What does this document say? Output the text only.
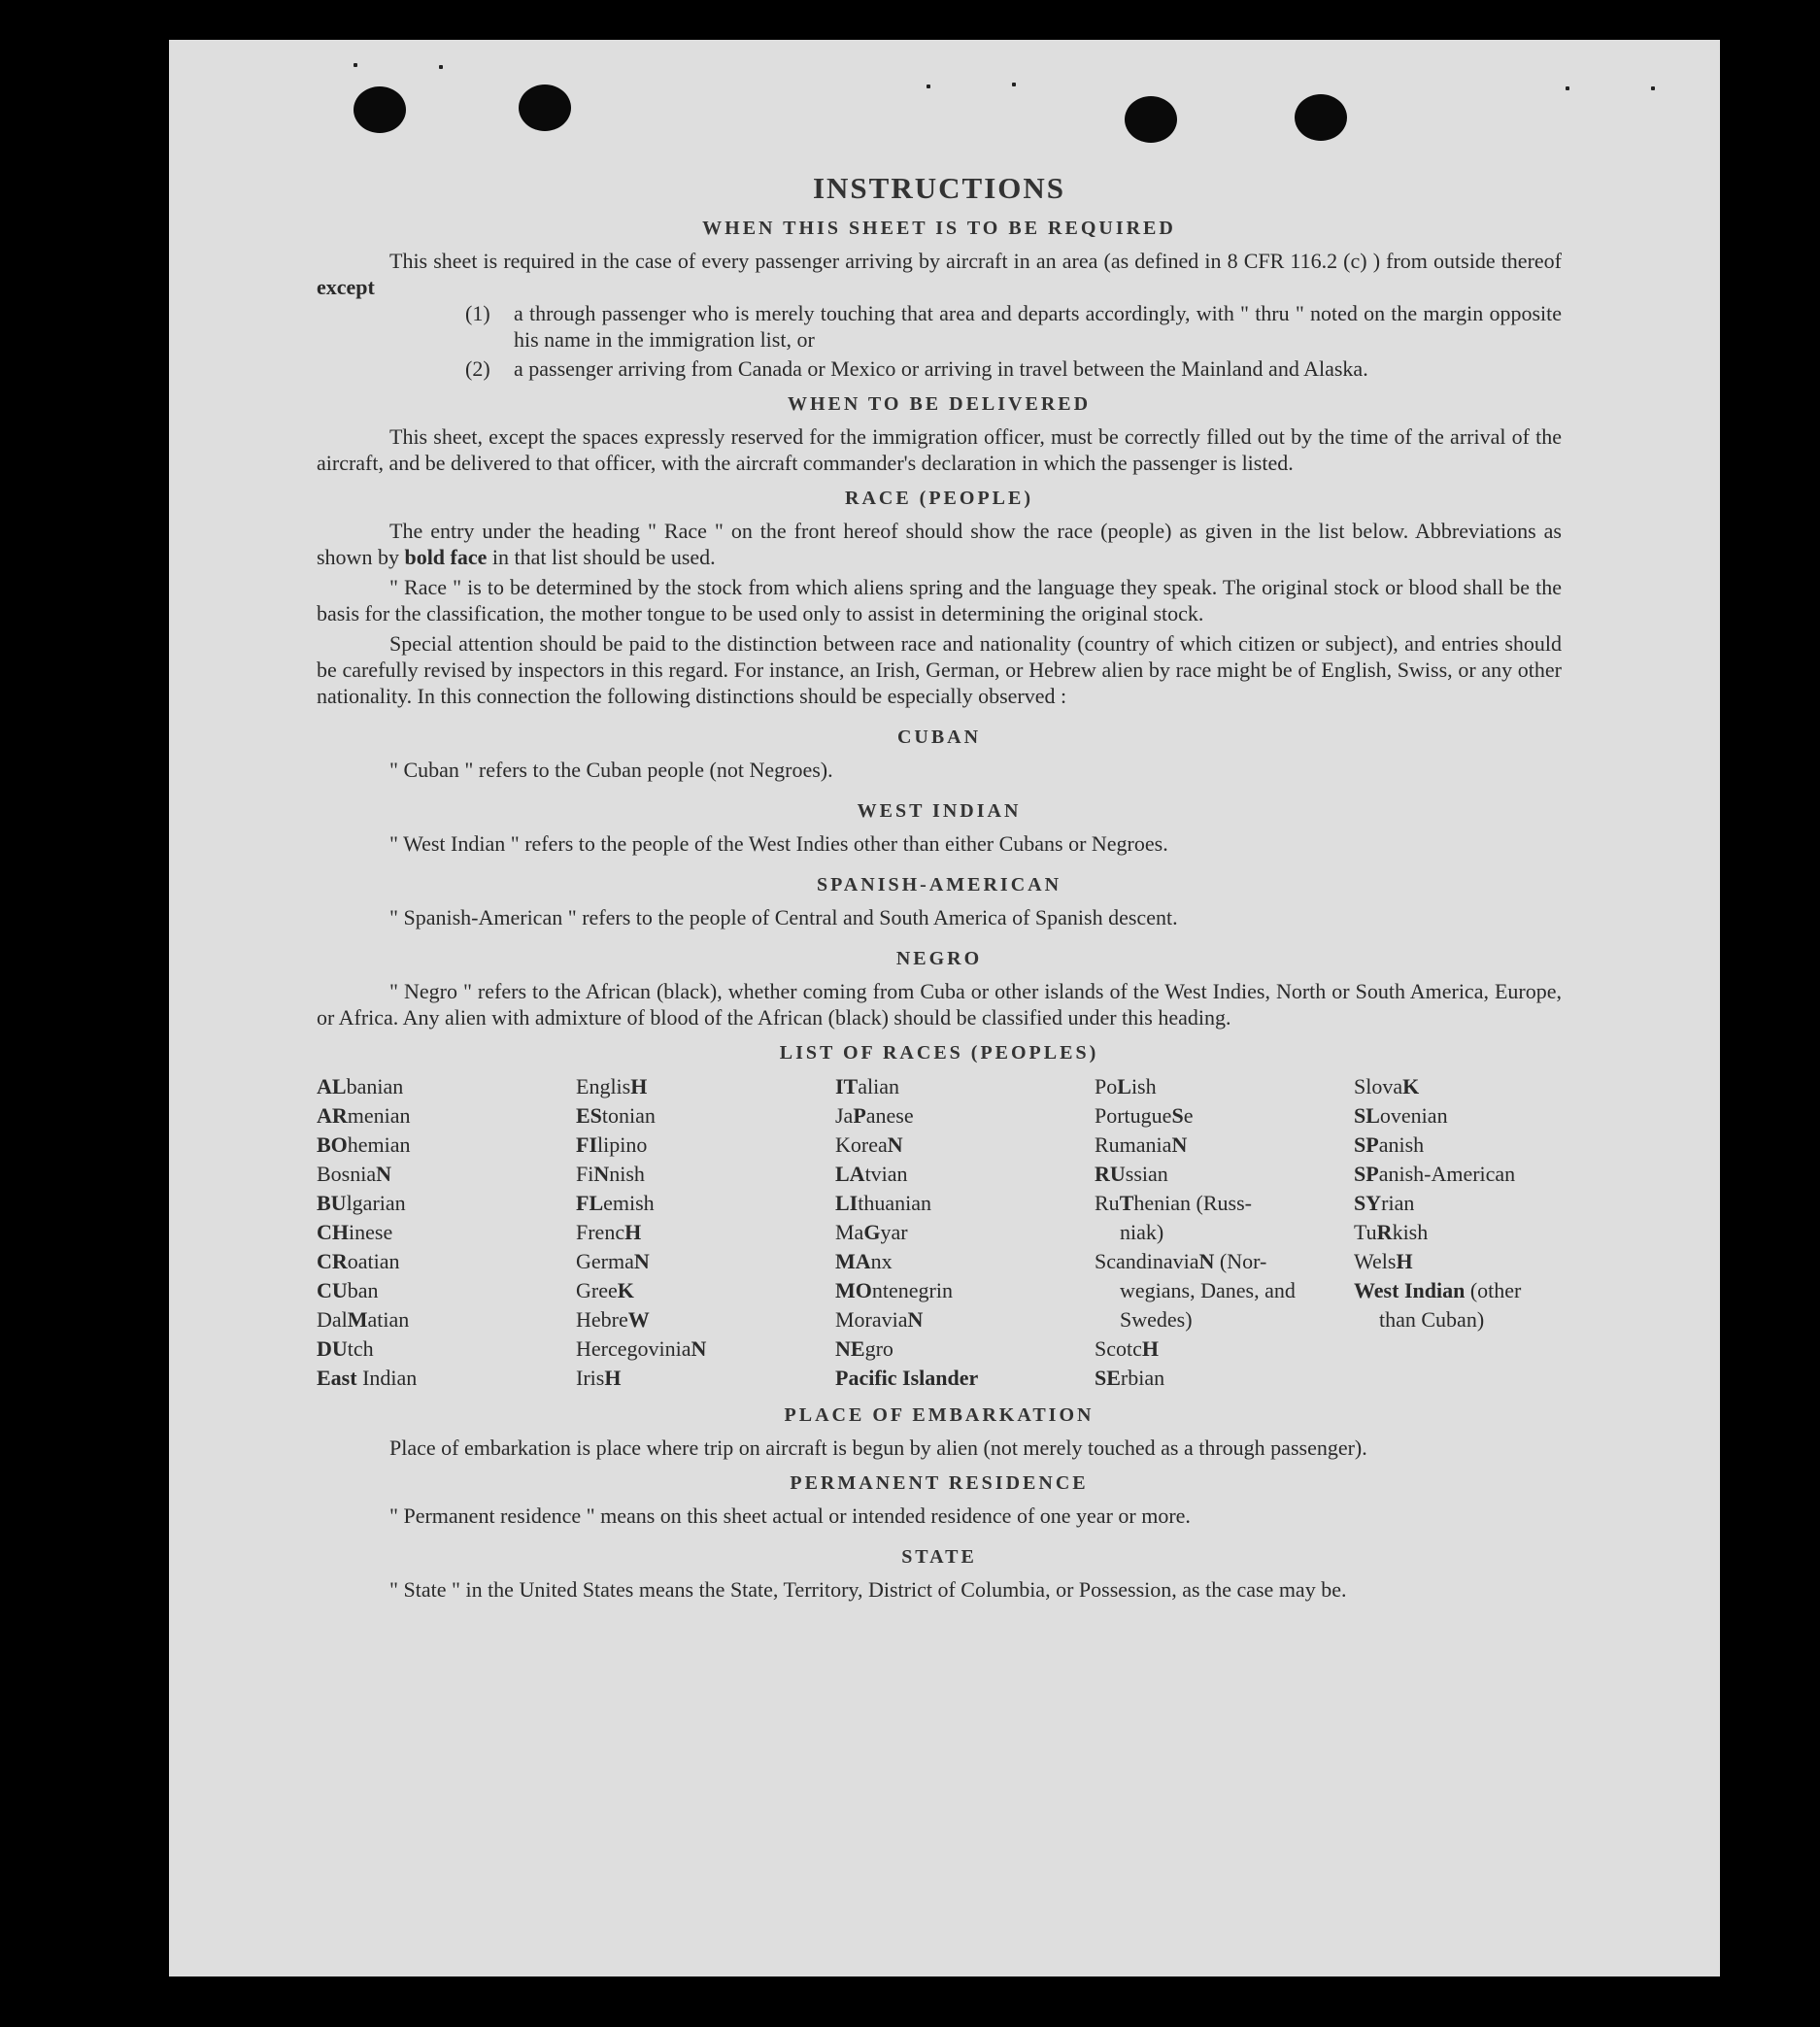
INSTRUCTIONS
WHEN THIS SHEET IS TO BE REQUIRED

This sheet is required in the case of every passenger arriving by aircraft in an area (as defined in 8 CFR 116.2 (c) ) from outside thereof except

(1)	a through passenger who is merely touching that area and departs accordingly, with " thru " noted on the margin opposite his name in the immigration list, or
(2)	a passenger arriving from Canada or Mexico or arriving in travel between the Mainland and Alaska.
WHEN TO BE DELIVERED

This sheet, except the spaces expressly reserved for the immigration officer, must be correctly filled out by the time of the arrival of the aircraft, and be delivered to that officer, with the aircraft commander's declaration in which the passenger is listed.

RACE (PEOPLE)

The entry under the heading " Race " on the front hereof should show the race (people) as given in the list below. Abbreviations as shown by bold face in that list should be used.

" Race " is to be determined by the stock from which aliens spring and the language they speak. The original stock or blood shall be the basis for the classification, the mother tongue to be used only to assist in determining the original stock.

Special attention should be paid to the distinction between race and nationality (country of which citizen or subject), and entries should be carefully revised by inspectors in this regard. For instance, an Irish, German, or Hebrew alien by race might be of English, Swiss, or any other nationality. In this connection the following distinctions should be especially observed :

CUBAN

" Cuban " refers to the Cuban people (not Negroes).

WEST INDIAN

" West Indian " refers to the people of the West Indies other than either Cubans or Negroes.

SPANISH-AMERICAN

" Spanish-American " refers to the people of Central and South America of Spanish descent.

NEGRO

" Negro " refers to the African (black), whether coming from Cuba or other islands of the West Indies, North or South America, Europe, or Africa. Any alien with admixture of blood of the African (black) should be classified under this heading.

LIST OF RACES (PEOPLES)
ALbanian
ARmenian
BOhemian
BosniaN
BUlgarian
CHinese
CRoatian
CUban
DalMatian
DUtch
East Indian
EnglisH
EStonian
FIlipino
FiNnish
FLemish
FrencH
GermaN
GreeK
HebreW
HercegoviniaN
IrisH
ITalian
JaPanese
KoreaN
LAtvian
LIthuanian
MaGyar
MAnx
MOntenegrin
MoraviaN
NEgro
Pacific Islander
PoLish
PortugueSe
RumaniaN
RUssian
RuThenian (Russ-
niak)
ScandinaviaN (Nor-
wegians, Danes, and Swedes)
ScotcH
SErbian
SlovaK
SLovenian
SPanish
SPanish-American
SYrian
TuRkish
WelsH
West Indian (other
than Cuban)
PLACE OF EMBARKATION

Place of embarkation is place where trip on aircraft is begun by alien (not merely touched as a through passenger).

PERMANENT RESIDENCE

" Permanent residence " means on this sheet actual or intended residence of one year or more.

STATE

" State " in the United States means the State, Territory, District of Columbia, or Possession, as the case may be.
